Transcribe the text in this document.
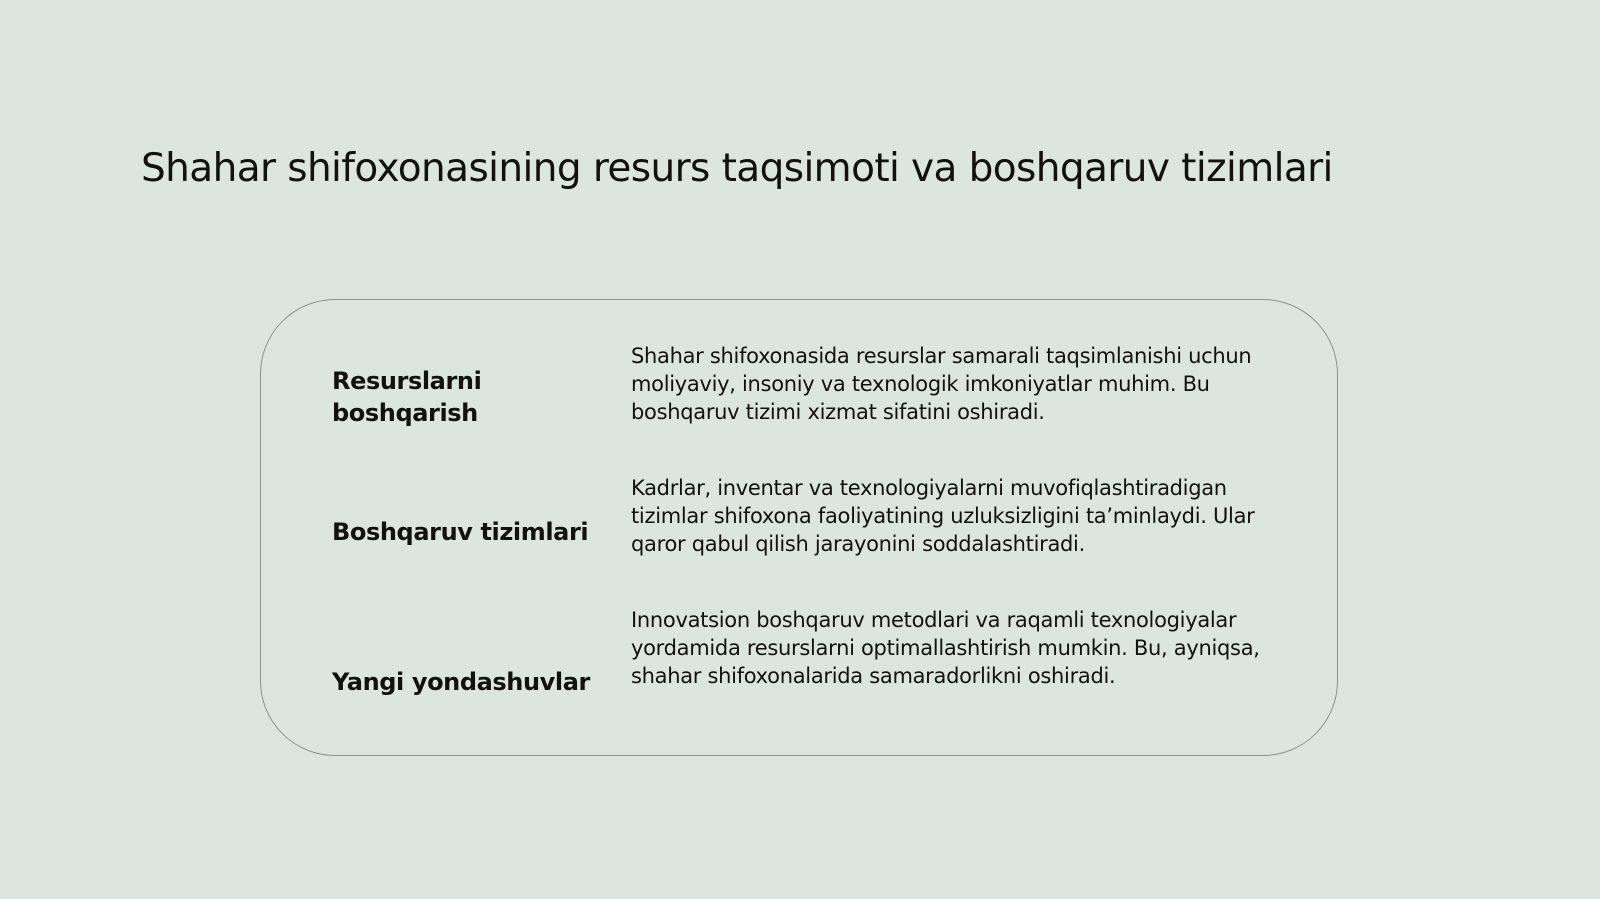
Shahar shifoxonasining resurs taqsimoti va boshqaruv tizimlari

Resurslarni boshqarish

Shahar shifoxonasida resurslar samarali taqsimlanishi uchun moliyaviy, insoniy va texnologik imkoniyatlar muhim. Bu boshqaruv tizimi xizmat sifatini oshiradi.

Boshqaruv tizimlari

Kadrlar, inventar va texnologiyalarni muvofiqlashtiradigan tizimlar shifoxona faoliyatining uzluksizligini ta’minlaydi. Ular qaror qabul qilish jarayonini soddalashtiradi.

Yangi yondashuvlar

Innovatsion boshqaruv metodlari va raqamli texnologiyalar yordamida resurslarni optimallashtirish mumkin. Bu, ayniqsa, shahar shifoxonalarida samaradorlikni oshiradi.
